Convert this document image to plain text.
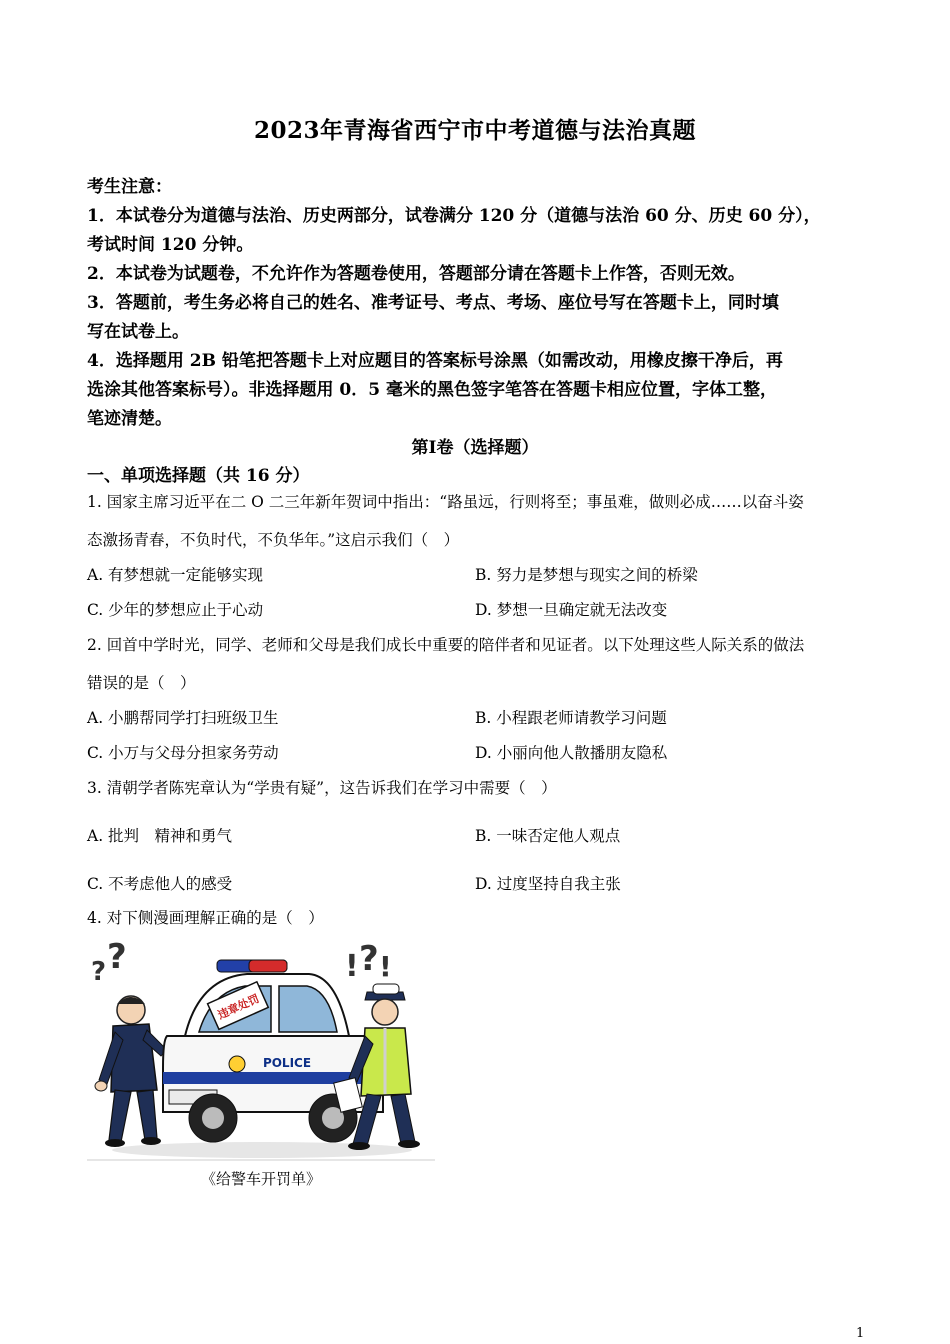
2023年青海省西宁市中考道德与法治真题
考生注意：
1．本试卷分为道德与法治、历史两部分，试卷满分 120 分（道德与法治 60 分、历史 60 分），
考试时间 120 分钟。
2．本试卷为试题卷，不允许作为答题卷使用，答题部分请在答题卡上作答，否则无效。
3．答题前，考生务必将自己的姓名、准考证号、考点、考场、座位号写在答题卡上，同时填
写在试卷上。
4．选择题用 2B 铅笔把答题卡上对应题目的答案标号涂黑（如需改动，用橡皮擦干净后，再
选涂其他答案标号）。非选择题用 0．5 毫米的黑色签字笔答在答题卡相应位置，字体工整，
笔迹清楚。
第Ⅰ卷（选择题）
一、单项选择题（共 16 分）
1. 国家主席习近平在二 O 二三年新年贺词中指出：“路虽远，行则将至；事虽难，做则必成……以奋斗姿
态激扬青春，不负时代，不负华年。”这启示我们（　）
A. 有梦想就一定能够实现	B. 努力是梦想与现实之间的桥梁
C. 少年的梦想应止于心动	D. 梦想一旦确定就无法改变
2. 回首中学时光，同学、老师和父母是我们成长中重要的陪伴者和见证者。以下处理这些人际关系的做法
错误的是（　）
A. 小鹏帮同学打扫班级卫生	B. 小程跟老师请教学习问题
C. 小万与父母分担家务劳动	D. 小丽向他人散播朋友隐私
3. 清朝学者陈宪章认为“学贵有疑”，这告诉我们在学习中需要（　）
A. 批判　精神和勇气	B. 一味否定他人观点
C. 不考虑他人的感受	D. 过度坚持自我主张
4. 对下侧漫画理解正确的是（　）
? ?
POLICE
违章处罚
! ? !
《给警车开罚单》
1
